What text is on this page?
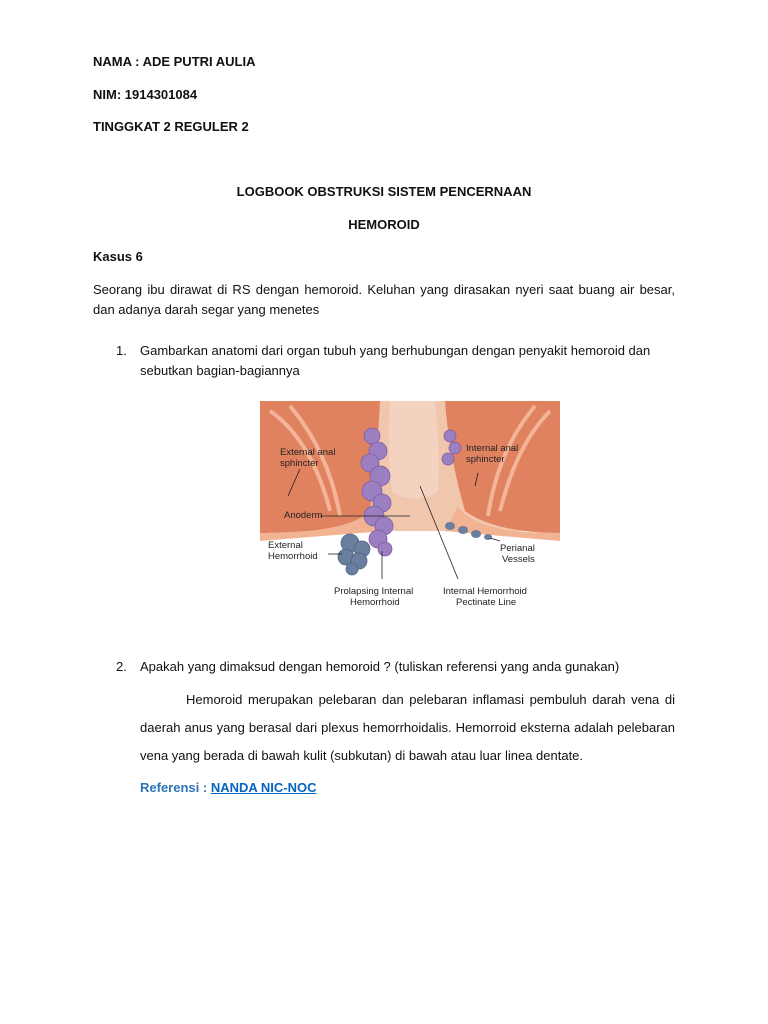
NAMA : ADE PUTRI AULIA
NIM: 1914301084
TINGGKAT 2 REGULER 2
LOGBOOK OBSTRUKSI SISTEM PENCERNAAN
HEMOROID
Kasus 6
Seorang ibu dirawat di RS dengan hemoroid. Keluhan yang dirasakan nyeri saat buang air besar, dan adanya darah segar yang menetes
1. Gambarkan anatomi dari organ tubuh yang berhubungan dengan penyakit hemoroid dan sebutkan bagian-bagiannya
External anal
sphincter
Internal anal
sphincter
Anoderm
External
Hemorrhoid
Perianal
Vessels
Prolapsing Internal
Hemorrhoid
Internal Hemorrhoid
Pectinate Line
2. Apakah yang dimaksud dengan hemoroid ? (tuliskan referensi yang anda gunakan)
Hemoroid merupakan pelebaran dan pelebaran inflamasi pembuluh darah vena di daerah anus yang berasal dari plexus hemorrhoidalis. Hemorroid eksterna adalah pelebaran vena yang berada di bawah kulit (subkutan) di bawah atau luar linea dentate.
Referensi : NANDA NIC-NOC
